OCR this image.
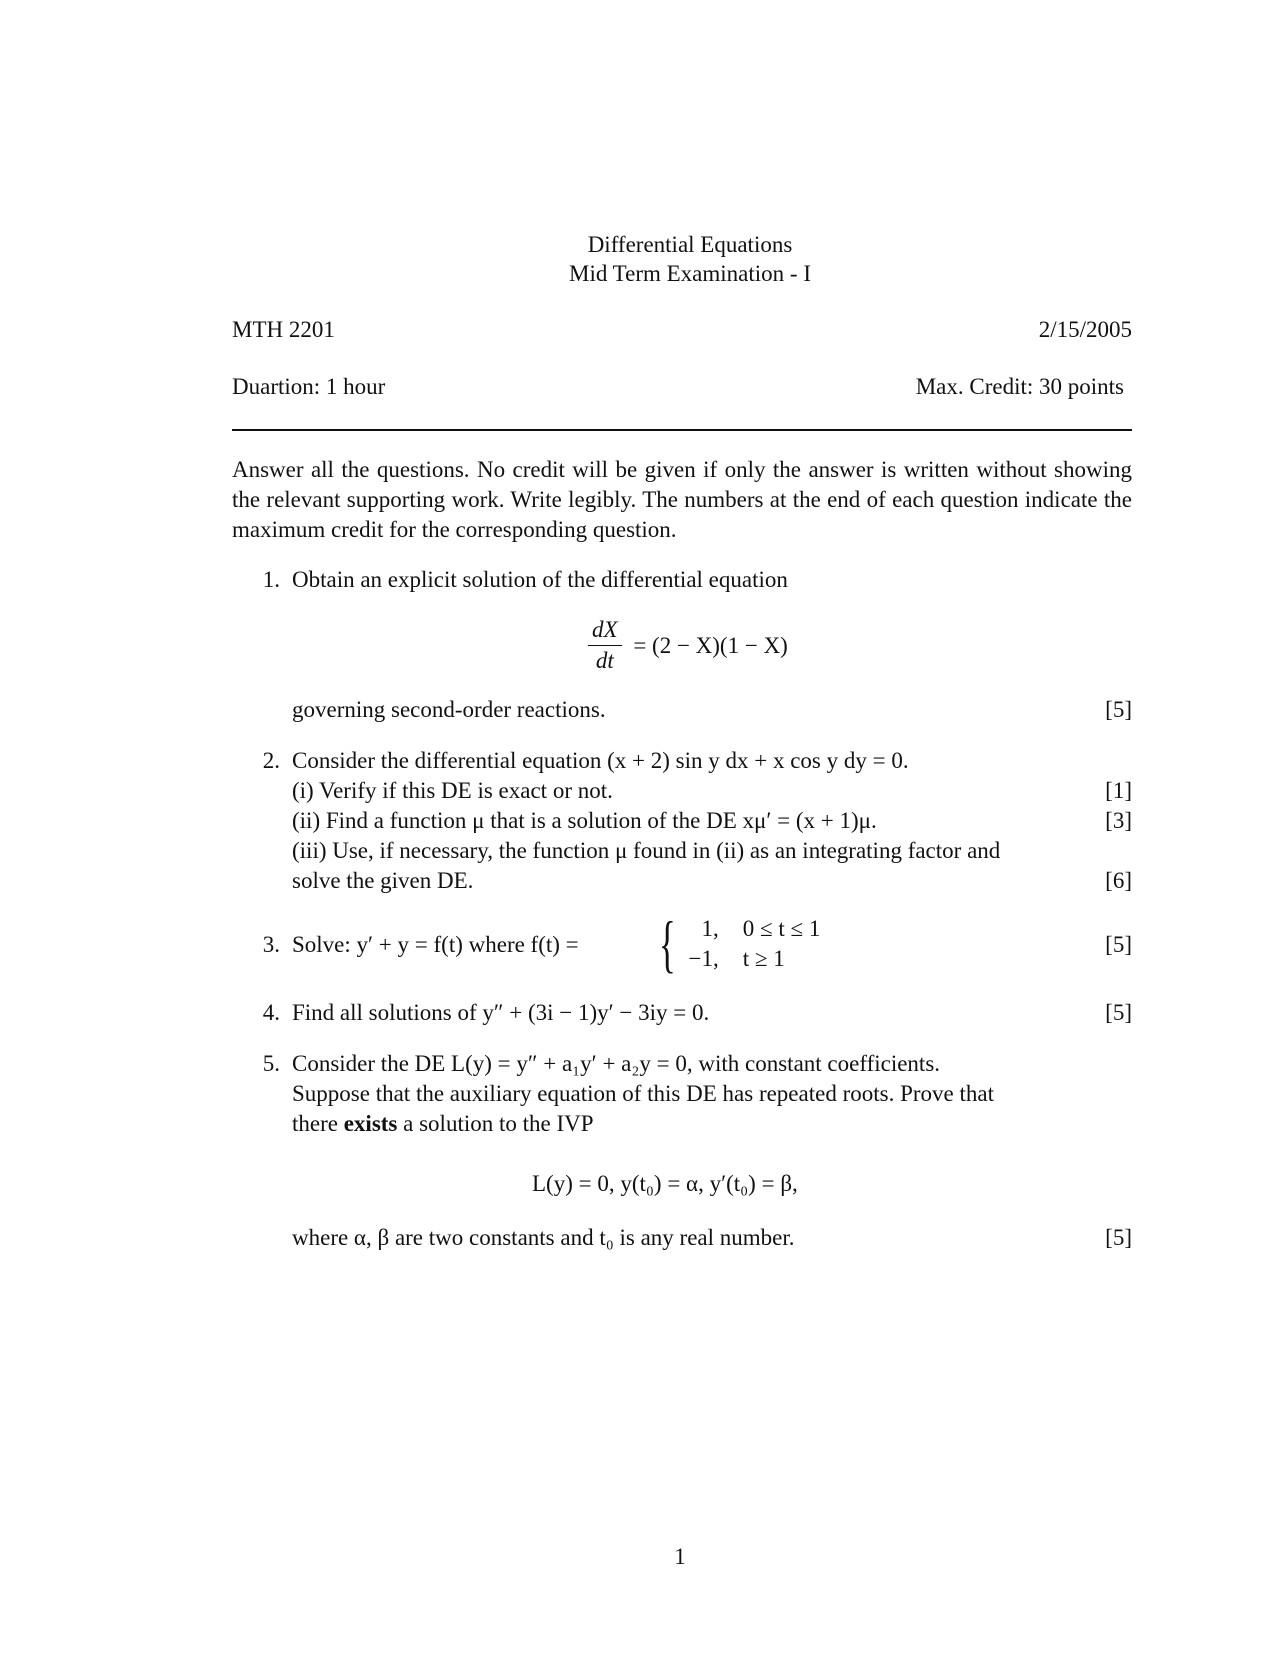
Differential Equations
Mid Term Examination - I
MTH 2201	2/15/2005
Duartion: 1 hour	Max. Credit: 30 points
Answer all the questions. No credit will be given if only the answer is written without showing the relevant supporting work. Write legibly. The numbers at the end of each question indicate the maximum credit for the corresponding question.
1. Obtain an explicit solution of the differential equation
$\frac{dX}{dt} = (2 - X)(1 - X)$
governing second-order reactions.	[5]
2. Consider the differential equation (x + 2) sin y dx + x cos y dy = 0.
(i) Verify if this DE is exact or not.	[1]
(ii) Find a function μ that is a solution of the DE xμ′ = (x + 1)μ.	[3]
(iii) Use, if necessary, the function μ found in (ii) as an integrating factor and
solve the given DE.	[6]
3. Solve: y′ + y = f(t) where f(t) = { 1,	0 ≤ t ≤ 1
−1,	t ≥ 1
[5]
4. Find all solutions of y″ + (3i − 1)y′ − 3iy = 0.	[5]
5. Consider the DE L(y) = y″ + a₁y′ + a₂y = 0, with constant coefficients.
Suppose that the auxiliary equation of this DE has repeated roots. Prove that
there exists a solution to the IVP
L(y) = 0, y(t₀) = α, y′(t₀) = β,
where α, β are two constants and t₀ is any real number.	[5]
1
